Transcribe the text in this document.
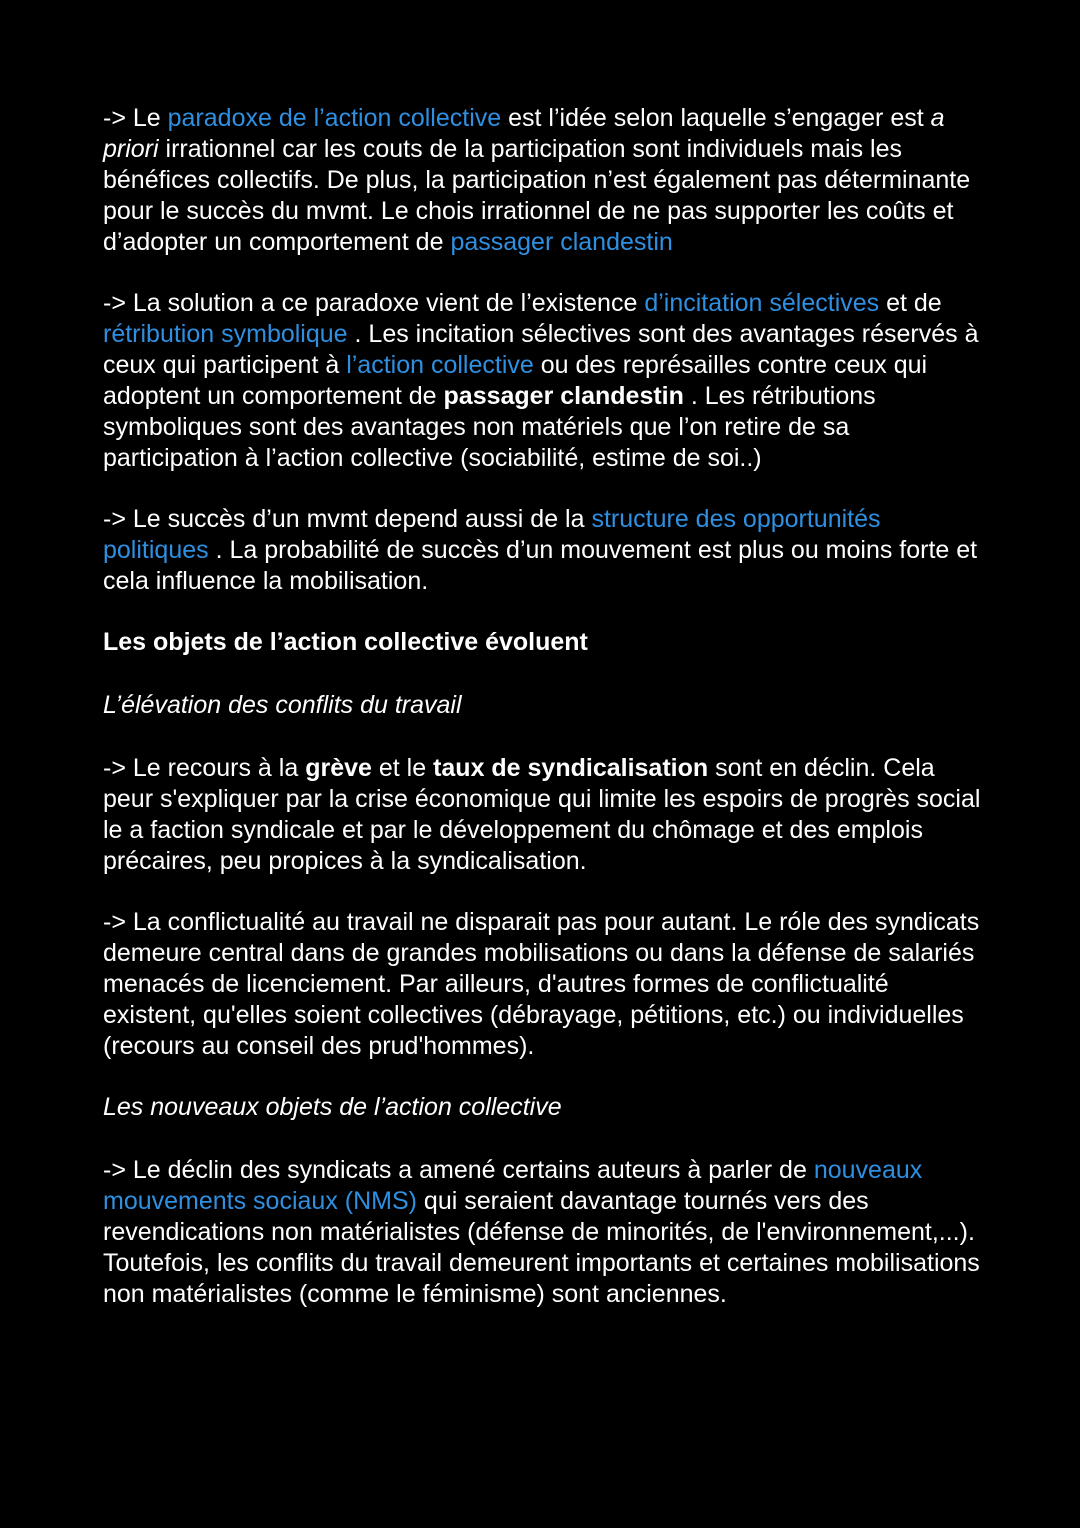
-> Le paradoxe de l’action collective est l’idée selon laquelle s’engager est a priori irrationnel car les couts de la participation sont individuels mais les bénéfices collectifs. De plus, la participation n’est également pas déterminante pour le succès du mvmt. Le chois irrationnel de ne pas supporter les coûts et d’adopter un comportement de passager clandestin

-> La solution a ce paradoxe vient de l’existence d’incitation sélectives et de rétribution symbolique . Les incitation sélectives sont des avantages réservés à ceux qui participent à l’action collective ou des représailles contre ceux qui adoptent un comportement de passager clandestin . Les rétributions symboliques sont des avantages non matériels que l’on retire de sa participation à l’action collective (sociabilité, estime de soi..)

-> Le succès d’un mvmt depend aussi de la structure des opportunités politiques . La probabilité de succès d’un mouvement est plus ou moins forte et cela influence la mobilisation.

Les objets de l’action collective évoluent

L’élévation des conflits du travail

-> Le recours à la grève et le taux de syndicalisation sont en déclin. Cela peur s'expliquer par la crise économique qui limite les espoirs de progrès social le a faction syndicale et par le développement du chômage et des emplois précaires, peu propices à la syndicalisation.

-> La conflictualité au travail ne disparait pas pour autant. Le róle des syndicats demeure central dans de grandes mobilisations ou dans la défense de salariés menacés de licenciement. Par ailleurs, d'autres formes de conflictualité existent, qu'elles soient collectives (débrayage, pétitions, etc.) ou individuelles (recours au conseil des prud'hommes).

Les nouveaux objets de l’action collective

-> Le déclin des syndicats a amené certains auteurs à parler de nouveaux mouvements sociaux (NMS) qui seraient davantage tournés vers des revendications non matérialistes (défense de minorités, de l'environnement,...). Toutefois, les conflits du travail demeurent importants et certaines mobilisations non matérialistes (comme le féminisme) sont anciennes.
